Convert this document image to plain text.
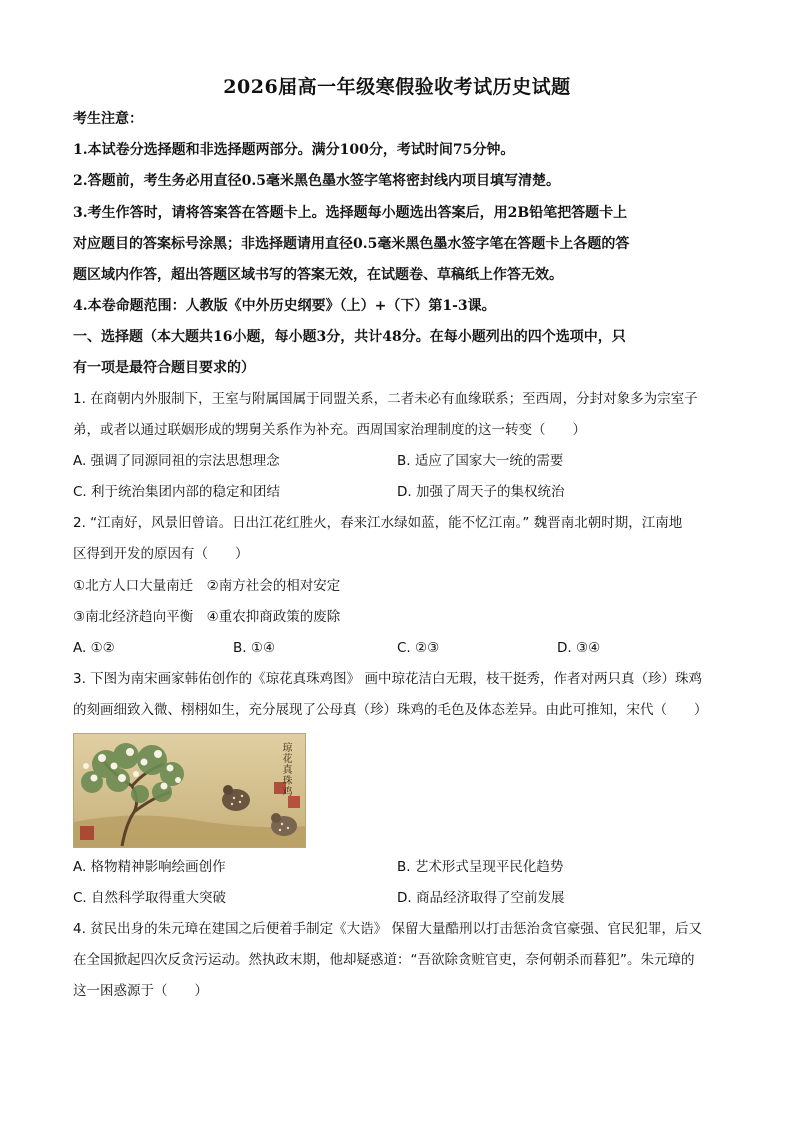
2026届高一年级寒假验收考试历史试题
考生注意：
1.本试卷分选择题和非选择题两部分。满分100分，考试时间75分钟。
2.答题前，考生务必用直径0.5毫米黑色墨水签字笔将密封线内项目填写清楚。
3.考生作答时，请将答案答在答题卡上。选择题每小题选出答案后，用2B铅笔把答题卡上
对应题目的答案标号涂黑；非选择题请用直径0.5毫米黑色墨水签字笔在答题卡上各题的答
题区域内作答，超出答题区域书写的答案无效，在试题卷、草稿纸上作答无效。
4.本卷命题范围：人教版《中外历史纲要》（上）+（下）第1-3课。
一、选择题（本大题共16小题，每小题3分，共计48分。在每小题列出的四个选项中，只
有一项是最符合题目要求的）
1. 在商朝内外服制下，王室与附属国属于同盟关系，二者未必有血缘联系；至西周，分封对象多为宗室子
弟，或者以通过联姻形成的甥舅关系作为补充。西周国家治理制度的这一转变（　　）
A. 强调了同源同祖的宗法思想理念	B. 适应了国家大一统的需要
C. 利于统治集团内部的稳定和团结	D. 加强了周天子的集权统治
2. “江南好，风景旧曾谙。日出江花红胜火，春来江水绿如蓝，能不忆江南。” 魏晋南北朝时期，江南地
区得到开发的原因有（　　）
①北方人口大量南迁　②南方社会的相对安定
③南北经济趋向平衡　④重农抑商政策的废除
A. ①②	B. ①④	C. ②③	D. ③④
3. 下图为南宋画家韩佑创作的《琼花真珠鸡图》 画中琼花洁白无瑕，枝干挺秀，作者对两只真（珍）珠鸡
的刻画细致入微、栩栩如生，充分展现了公母真（珍）珠鸡的毛色及体态差异。由此可推知，宋代（　　）
琼花真珠鸡
A. 格物精神影响绘画创作	B. 艺术形式呈现平民化趋势
C. 自然科学取得重大突破	D. 商品经济取得了空前发展
4. 贫民出身的朱元璋在建国之后便着手制定《大诰》 保留大量酷刑以打击惩治贪官豪强、官民犯罪，后又
在全国掀起四次反贪污运动。然执政末期，他却疑惑道：“吾欲除贪赃官吏，奈何朝杀而暮犯”。朱元璋的
这一困惑源于（　　）
